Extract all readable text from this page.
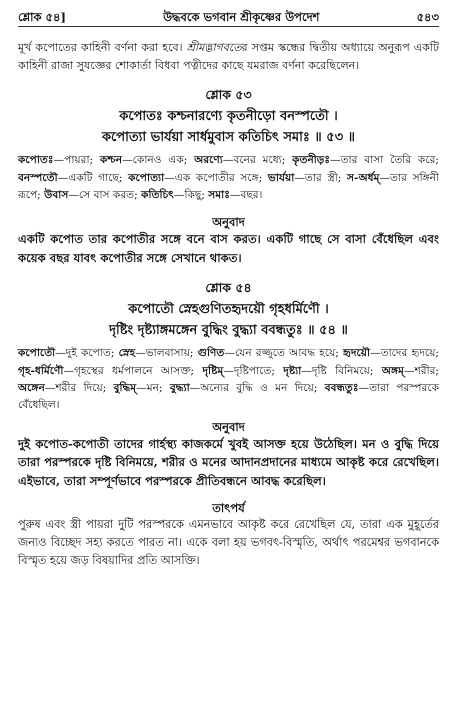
শ্লোক ৫৪]	উদ্ধবকে ভগবান শ্রীকৃষ্ণের উপদেশ	৫৪৩

মূর্খ কপোতের কাহিনী বর্ণনা করা হবে। শ্রীমদ্ভাগবতের সপ্তম স্কন্ধের দ্বিতীয় অধ্যায়ে অনুরূপ একটি কাহিনী রাজা সুযজ্ঞের শোকার্তা বিধবা পত্নীদের কাছে যমরাজ বর্ণনা করেছিলেন।

শ্লোক ৫৩
কপোতঃ কশ্চনারণ্যে কৃতনীড়ো বনস্পতৌ ।
কপোত্যা ভার্যয়া সার্ধমুবাস কতিচিৎ সমাঃ ॥ ৫৩ ॥

কপোতঃ—পায়রা; কশ্চন—কোনও এক; অরণ্যে—বনের মধ্যে; কৃতনীড়ঃ—তার বাসা তৈরি করে; বনস্পতৌ—একটি গাছে; কপোত্যা—এক কপোতীর সঙ্গে; ভার্যয়া—তার স্ত্রী; স-অর্ধম্—তার সঙ্গিনী রূপে; উবাস—সে বাস করত; কতিচিৎ—কিছু; সমাঃ—বছর।

অনুবাদ

একটি কপোত তার কপোতীর সঙ্গে বনে বাস করত। একটি গাছে সে বাসা বেঁধেছিল এবং কয়েক বছর যাবৎ কপোতীর সঙ্গে সেখানে থাকত।

শ্লোক ৫৪
কপোতৌ স্নেহগুণিতহৃদয়ৌ গৃহধর্মিণৌ ।
দৃষ্টিং দৃষ্ট্যাঙ্গমঙ্গেন বুদ্ধিং বুদ্ধ্যা ববন্ধতুঃ ॥ ৫৪ ॥

কপোতৌ—দুই কপোত; স্নেহ—ভালবাসায়; গুণিত—যেন রজ্জুতে আবদ্ধ হয়ে; হৃদয়ৌ—তাদের হৃদয়ে; গৃহ-ধর্মিণৌ—গৃহস্থের ধর্মপালনে আসক্ত; দৃষ্টিম্—দৃষ্টিপাতে; দৃষ্ট্যা—দৃষ্টি বিনিময়ে; অঙ্গম্—শরীর; অঙ্গেন—শরীর দিয়ে; বুদ্ধিম্—মন; বুদ্ধ্যা—অন্যের বুদ্ধি ও মন দিয়ে; ববন্ধতুঃ—তারা পরস্পরকে বেঁধেছিল।

অনুবাদ

দুই কপোত-কপোতী তাদের গার্হস্থ্য কাজকর্মে খুবই আসক্ত হয়ে উঠেছিল। মন ও বুদ্ধি দিয়ে তারা পরস্পরকে দৃষ্টি বিনিময়ে, শরীর ও মনের আদানপ্রদানের মাধ্যমে আকৃষ্ট করে রেখেছিল। এইভাবে, তারা সম্পূর্ণভাবে পরস্পরকে প্রীতিবন্ধনে আবদ্ধ করেছিল।

তাৎপর্য

পুরুষ এবং স্ত্রী পায়রা দুটি পরস্পরকে এমনভাবে আকৃষ্ট করে রেখেছিল যে, তারা এক মুহূর্তের জন্যও বিচ্ছেদ সহ্য করতে পারত না। একে বলা হয় ভগবৎ-বিস্মৃতি, অর্থাৎ পরমেশ্বর ভগবানকে বিস্মৃত হয়ে জড় বিষয়াদির প্রতি আসক্তি।
